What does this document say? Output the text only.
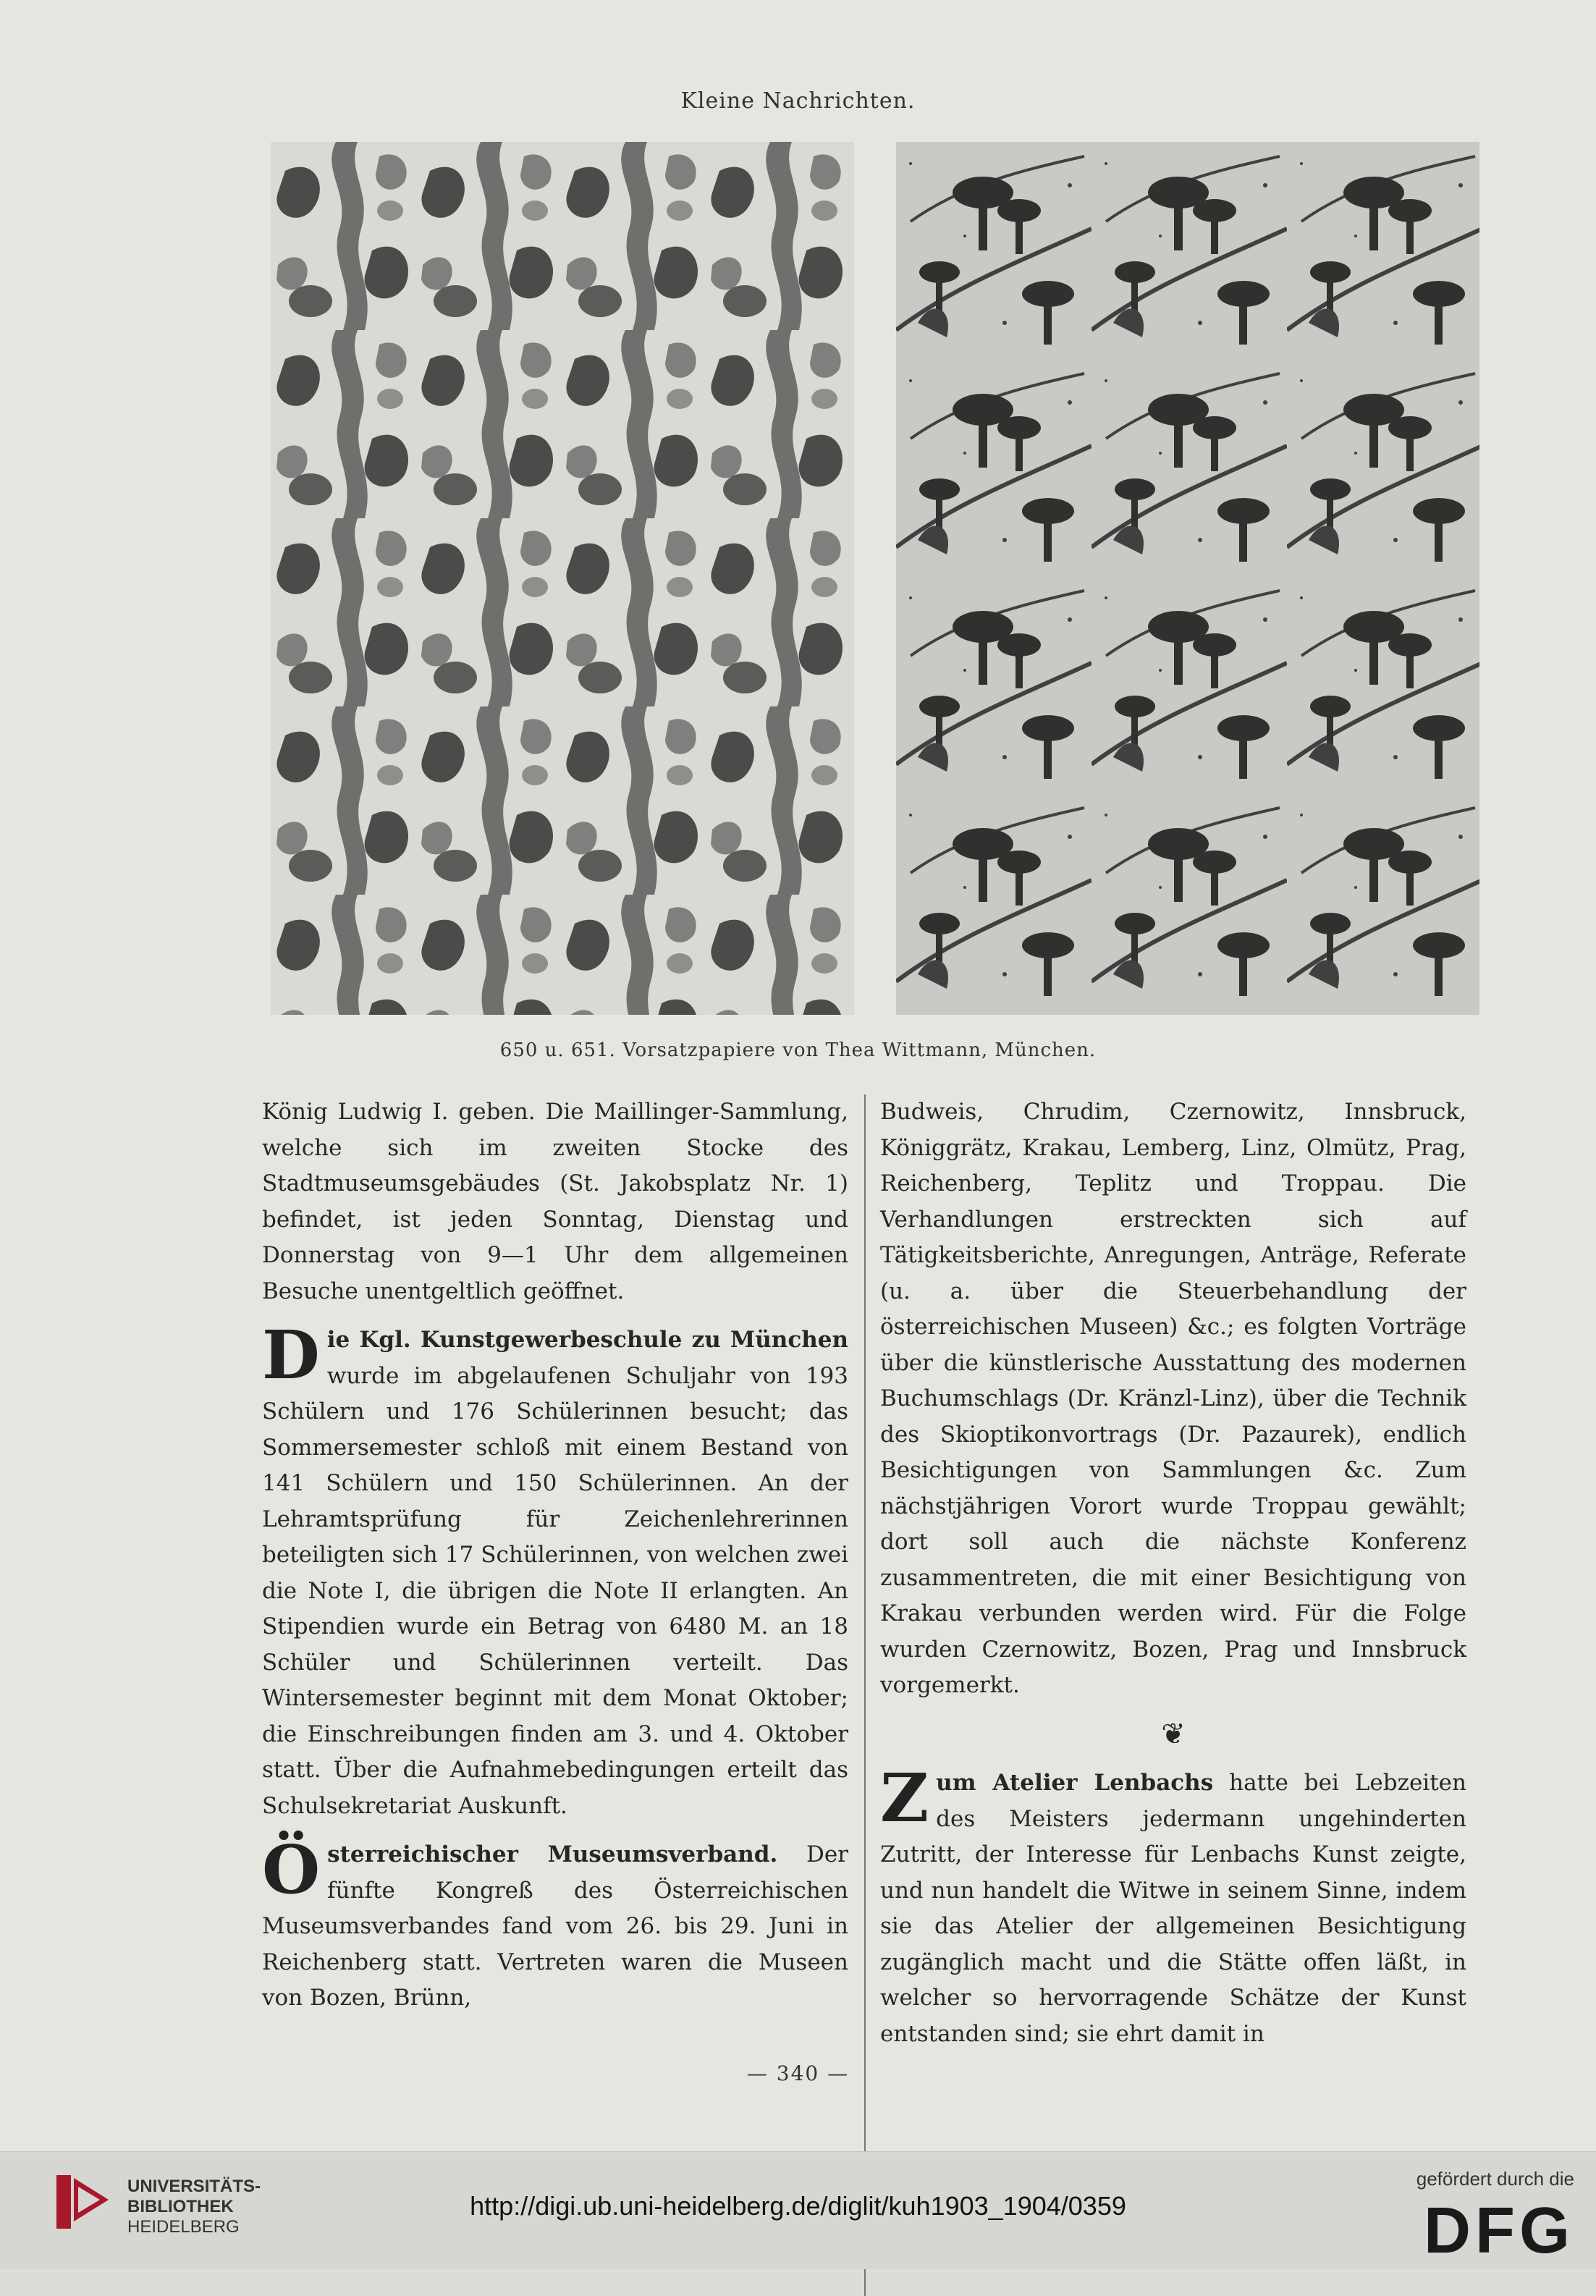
Kleine Nachrichten.
650 u. 651. Vorsatzpapiere von Thea Wittmann, München.

König Ludwig I. geben. Die Maillinger-Sammlung, welche sich im zweiten Stocke des Stadtmuseumsgebäudes (St. Jakobsplatz Nr. 1) befindet, ist jeden Sonntag, Dienstag und Donnerstag von 9—1 Uhr dem allgemeinen Besuche unentgeltlich geöffnet.

Die Kgl. Kunstgewerbeschule zu München wurde im abgelaufenen Schuljahr von 193 Schülern und 176 Schülerinnen besucht; das Sommersemester schloß mit einem Bestand von 141 Schülern und 150 Schülerinnen. An der Lehramtsprüfung für Zeichenlehrerinnen beteiligten sich 17 Schülerinnen, von welchen zwei die Note I, die übrigen die Note II erlangten. An Stipendien wurde ein Betrag von 6480 M. an 18 Schüler und Schülerinnen verteilt. Das Wintersemester beginnt mit dem Monat Oktober; die Einschreibungen finden am 3. und 4. Oktober statt. Über die Aufnahmebedingungen erteilt das Schulsekretariat Auskunft.

Österreichischer Museumsverband. Der fünfte Kongreß des Österreichischen Museumsverbandes fand vom 26. bis 29. Juni in Reichenberg statt. Vertreten waren die Museen von Bozen, Brünn,

Budweis, Chrudim, Czernowitz, Innsbruck, Königgrätz, Krakau, Lemberg, Linz, Olmütz, Prag, Reichenberg, Teplitz und Troppau. Die Verhandlungen erstreckten sich auf Tätigkeitsberichte, Anregungen, Anträge, Referate (u. a. über die Steuerbehandlung der österreichischen Museen) &c.; es folgten Vorträge über die künstlerische Ausstattung des modernen Buchumschlags (Dr. Kränzl-Linz), über die Technik des Skioptikonvortrags (Dr. Pazaurek), endlich Besichtigungen von Sammlungen &c. Zum nächstjährigen Vorort wurde Troppau gewählt; dort soll auch die nächste Konferenz zusammentreten, die mit einer Besichtigung von Krakau verbunden werden wird. Für die Folge wurden Czernowitz, Bozen, Prag und Innsbruck vorgemerkt.

❦

Zum Atelier Lenbachs hatte bei Lebzeiten des Meisters jedermann ungehinderten Zutritt, der Interesse für Lenbachs Kunst zeigte, und nun handelt die Witwe in seinem Sinne, indem sie das Atelier der allgemeinen Besichtigung zugänglich macht und die Stätte offen läßt, in welcher so hervorragende Schätze der Kunst entstanden sind; sie ehrt damit in

— 340 —
UNIVERSITÄTS-
BIBLIOTHEK
HEIDELBERG
http://digi.ub.uni-heidelberg.de/diglit/kuh1903_1904/0359
gefördert durch die
DFG
